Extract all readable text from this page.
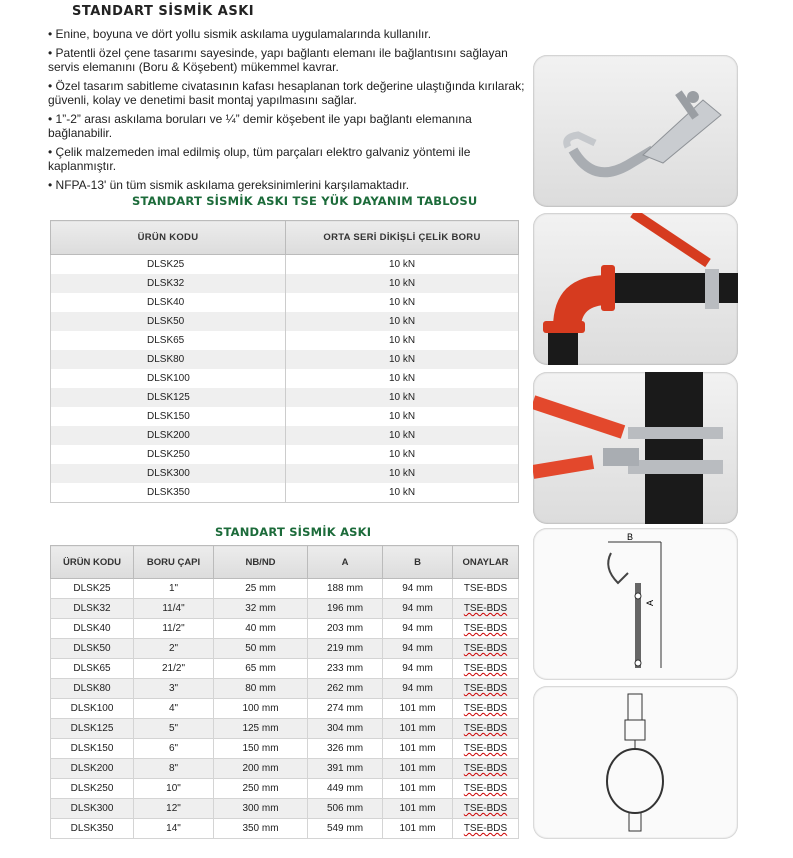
STANDART SİSMİK ASKI

• Enine, boyuna ve dört yollu sismik askılama uygulamalarında kullanılır.

• Patentli özel çene tasarımı sayesinde, yapı bağlantı elemanı ile bağlantısını sağlayan servis elemanını (Boru & Köşebent) mükemmel kavrar.

• Özel tasarım sabitleme civatasının kafası hesaplanan tork değerine ulaştığında kırılarak; güvenli, kolay ve denetimi basit montaj yapılmasını sağlar.

• 1”-2” arası askılama boruları ve ¼” demir köşebent ile yapı bağlantı elemanına bağlanabilir.

• Çelik malzemeden imal edilmiş olup, tüm parçaları elektro galvaniz yöntemi ile kaplanmıştır.

• NFPA-13' ün tüm sismik askılama gereksinimlerini karşılamaktadır.

STANDART SİSMİK ASKI TSE YÜK DAYANIM TABLOSU
ÜRÜN KODU	ORTA SERİ DİKİŞLİ ÇELİK BORU
DLSK25	10 kN
DLSK32	10 kN
DLSK40	10 kN
DLSK50	10 kN
DLSK65	10 kN
DLSK80	10 kN
DLSK100	10 kN
DLSK125	10 kN
DLSK150	10 kN
DLSK200	10 kN
DLSK250	10 kN
DLSK300	10 kN
DLSK350	10 kN
STANDART SİSMİK ASKI
ÜRÜN KODU	BORU ÇAPI	NB/ND	A	B	ONAYLAR
DLSK25	1"	25 mm	188 mm	94 mm	TSE-BDS
DLSK32	11/4"	32 mm	196 mm	94 mm	TSE-BDS
DLSK40	11/2"	40 mm	203 mm	94 mm	TSE-BDS
DLSK50	2"	50 mm	219 mm	94 mm	TSE-BDS
DLSK65	21/2"	65 mm	233 mm	94 mm	TSE-BDS
DLSK80	3"	80 mm	262 mm	94 mm	TSE-BDS
DLSK100	4"	100 mm	274 mm	101 mm	TSE-BDS
DLSK125	5"	125 mm	304 mm	101 mm	TSE-BDS
DLSK150	6"	150 mm	326 mm	101 mm	TSE-BDS
DLSK200	8"	200 mm	391 mm	101 mm	TSE-BDS
DLSK250	10"	250 mm	449 mm	101 mm	TSE-BDS
DLSK300	12"	300 mm	506 mm	101 mm	TSE-BDS
DLSK350	14"	350 mm	549 mm	101 mm	TSE-BDS
B
A
